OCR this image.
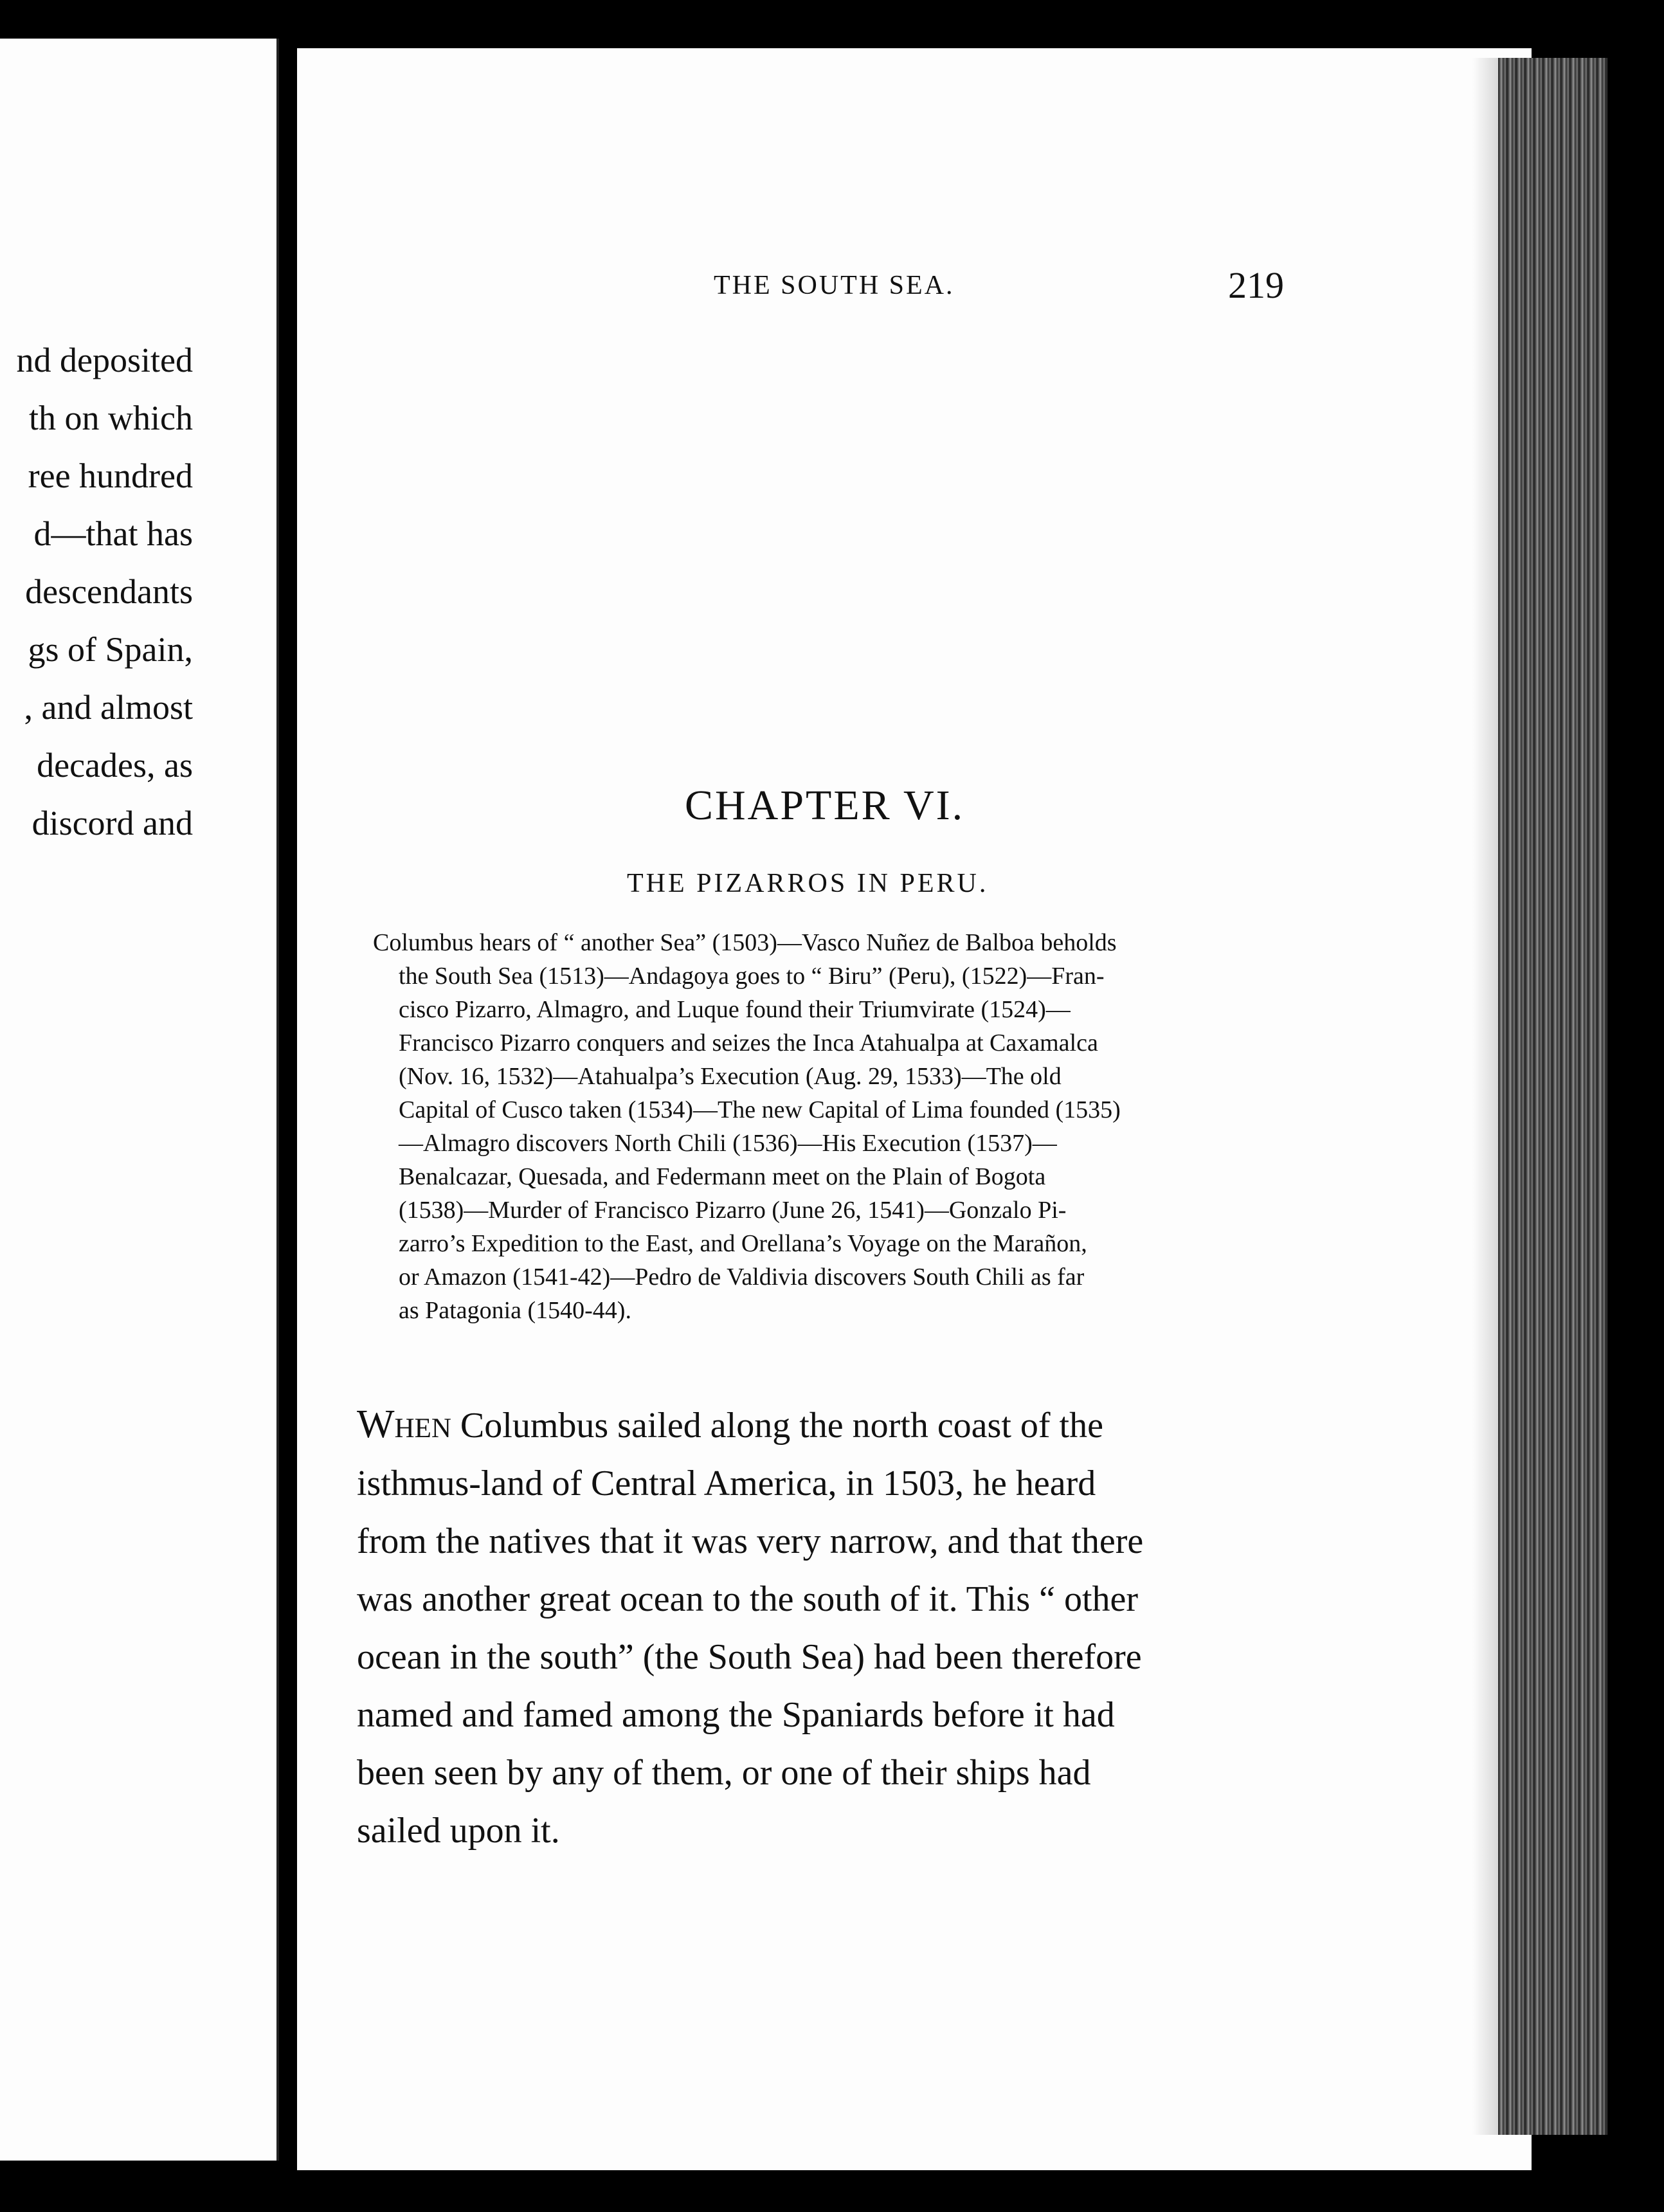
nd deposited
th on which
ree hundred
d—that has
descendants
gs of Spain,
, and almost
decades, as
discord and
THE SOUTH SEA.	219
CHAPTER VI.
THE PIZARROS IN PERU.
Columbus hears of “ another Sea” (1503)—Vasco Nuñez de Balboa beholds
the South Sea (1513)—Andagoya goes to “ Biru” (Peru), (1522)—Fran-
cisco Pizarro, Almagro, and Luque found their Triumvirate (1524)—
Francisco Pizarro conquers and seizes the Inca Atahualpa at Caxamalca
(Nov. 16, 1532)—Atahualpa’s Execution (Aug. 29, 1533)—The old
Capital of Cusco taken (1534)—The new Capital of Lima founded (1535)
—Almagro discovers North Chili (1536)—His Execution (1537)—
Benalcazar, Quesada, and Federmann meet on the Plain of Bogota
(1538)—Murder of Francisco Pizarro (June 26, 1541)—Gonzalo Pi-
zarro’s Expedition to the East, and Orellana’s Voyage on the Marañon,
or Amazon (1541-42)—Pedro de Valdivia discovers South Chili as far
as Patagonia (1540-44).
When Columbus sailed along the north coast of the
isthmus-land of Central America, in 1503, he heard
from the natives that it was very narrow, and that there
was another great ocean to the south of it. This “ other
ocean in the south” (the South Sea) had been therefore
named and famed among the Spaniards before it had
been seen by any of them, or one of their ships had
sailed upon it.
